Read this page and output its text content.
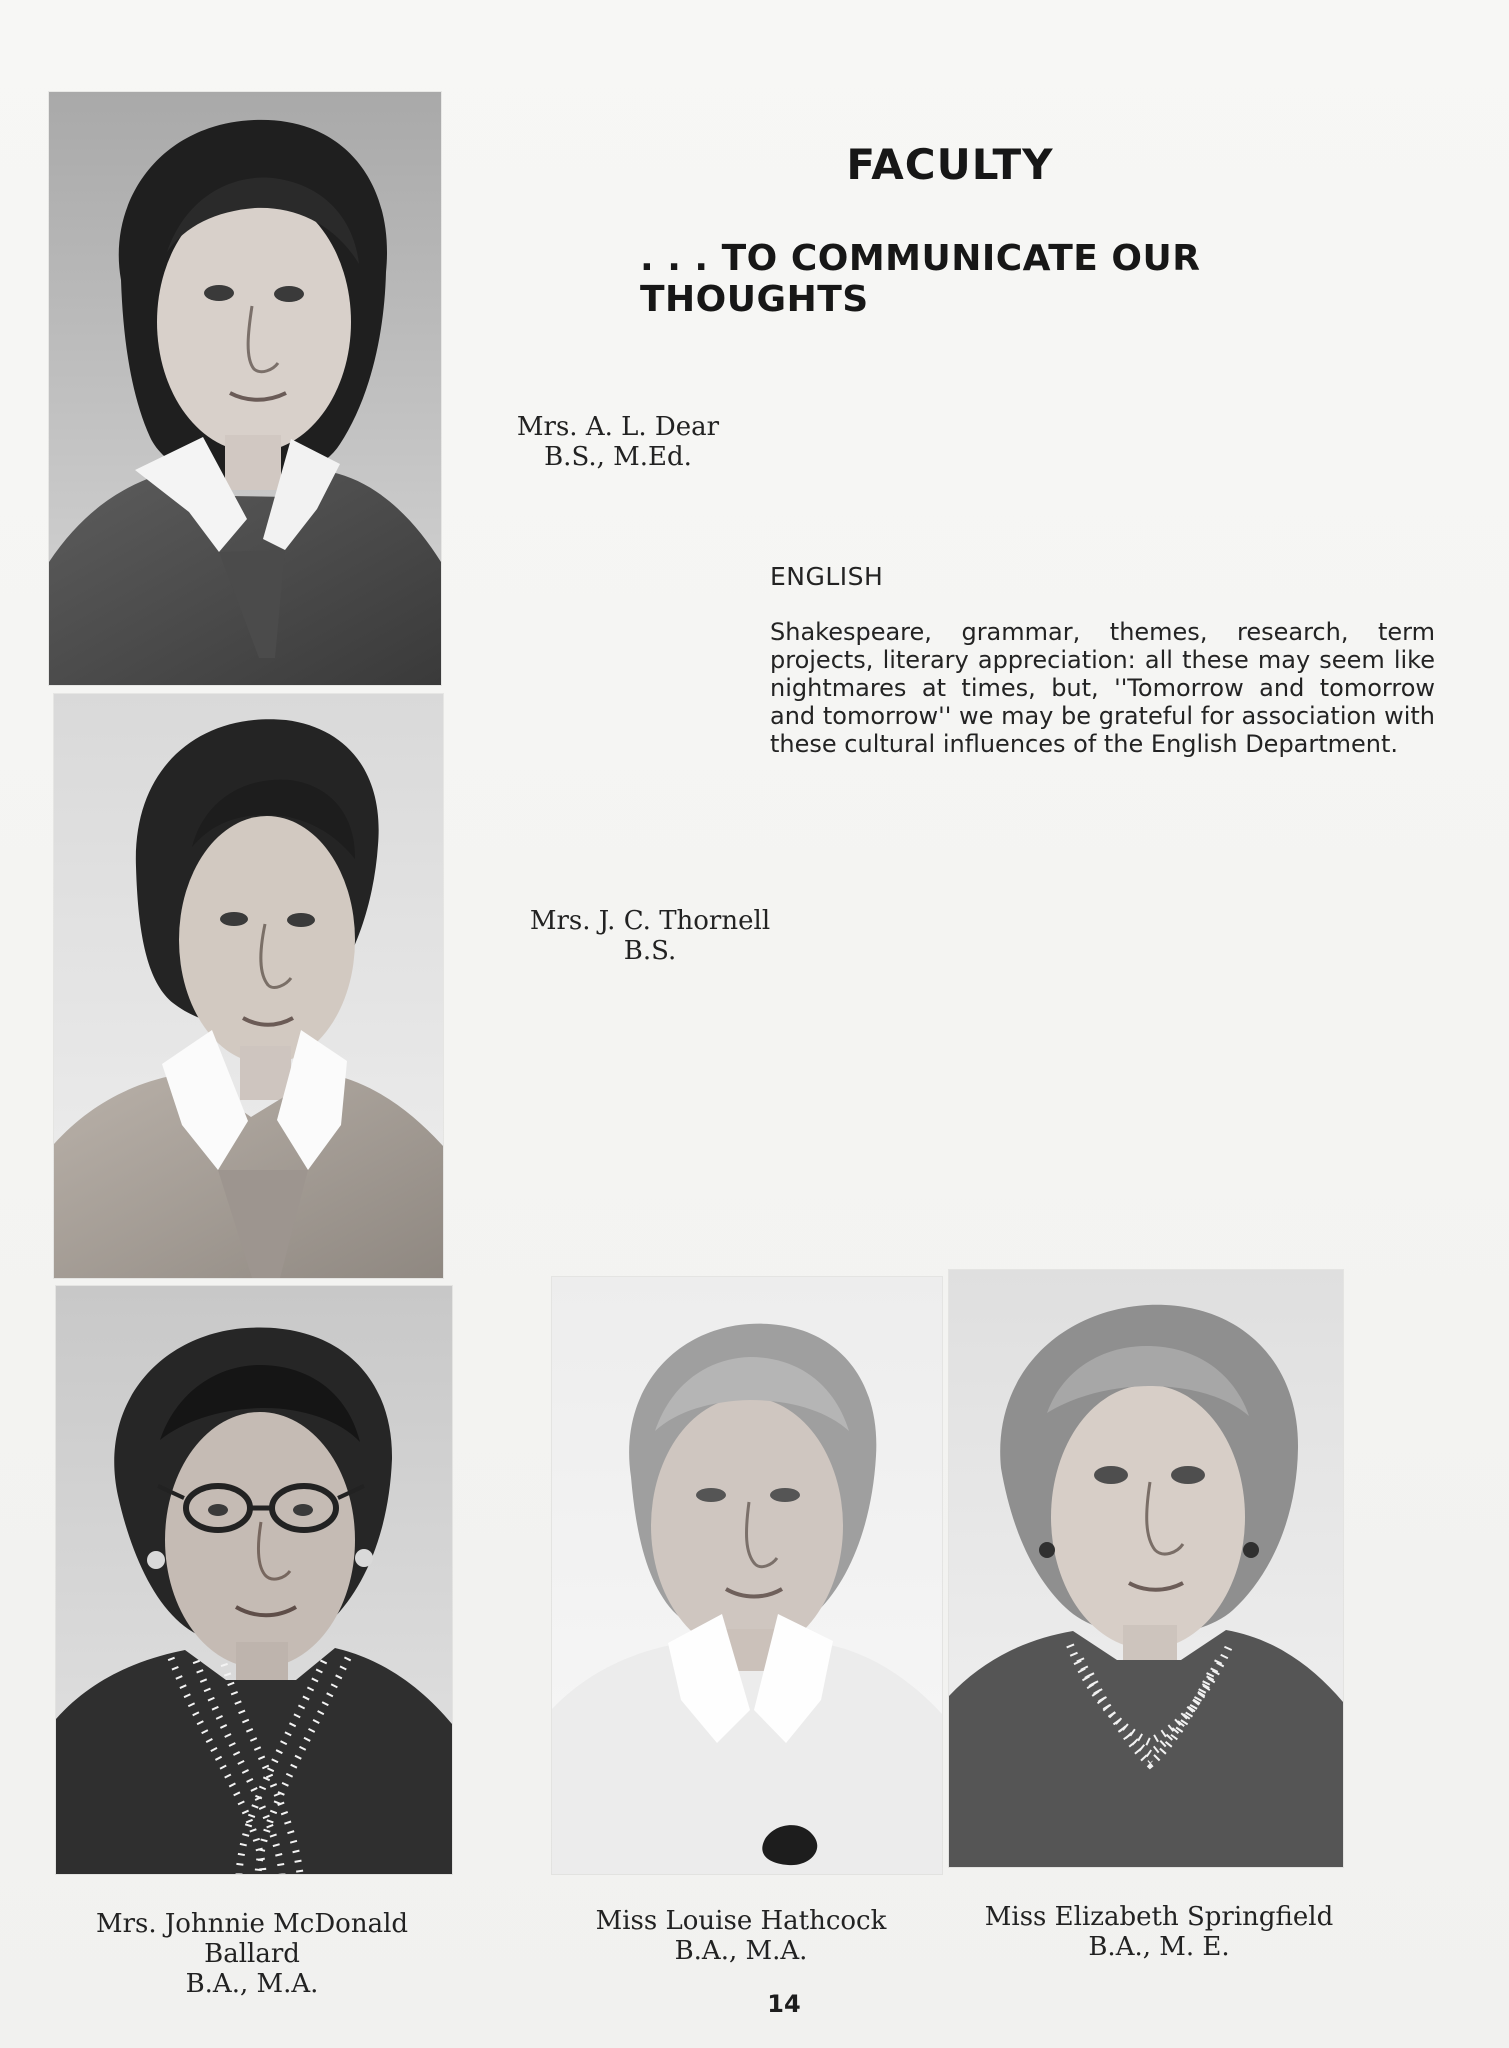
FACULTY
. . . TO COMMUNICATE OUR THOUGHTS
Mrs. A. L. Dear
B.S., M.Ed.
Mrs. J. C. Thornell
B.S.
Mrs. Johnnie McDonald
Ballard
B.A., M.A.
Miss Louise Hathcock
B.A., M.A.
Miss Elizabeth Springfield
B.A., M. E.
ENGLISH
Shakespeare, grammar, themes, research, term projects, literary appreciation: all these may seem like nightmares at times, but, ''Tomorrow and tomorrow and tomorrow'' we may be grateful for association with these cultural influences of the English Department.
14
